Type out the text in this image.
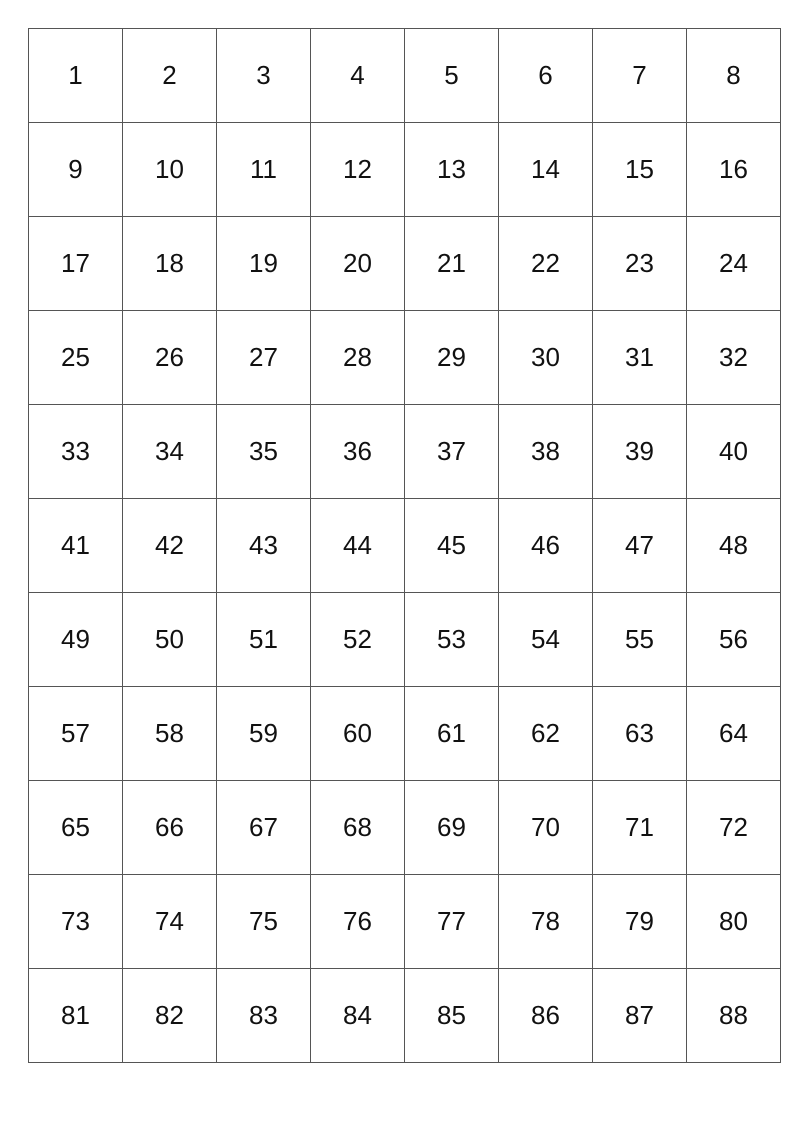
1	2	3	4	5	6	7	8
9	10	11	12	13	14	15	16
17	18	19	20	21	22	23	24
25	26	27	28	29	30	31	32
33	34	35	36	37	38	39	40
41	42	43	44	45	46	47	48
49	50	51	52	53	54	55	56
57	58	59	60	61	62	63	64
65	66	67	68	69	70	71	72
73	74	75	76	77	78	79	80
81	82	83	84	85	86	87	88
